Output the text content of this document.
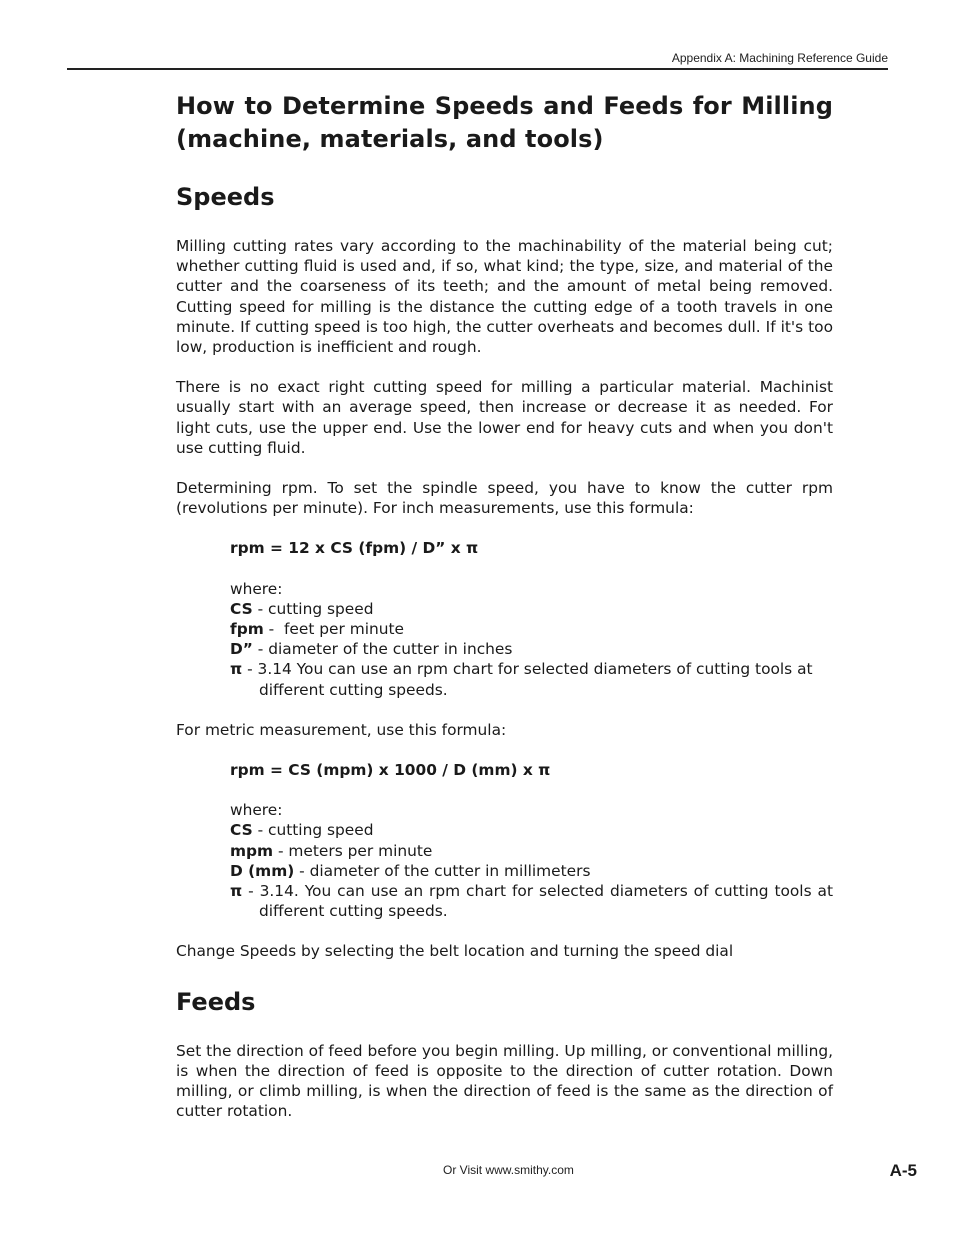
Appendix A: Machining Reference Guide
How to Determine Speeds and Feeds for Milling (machine, materials, and tools)
Speeds

Milling cutting rates vary according to the machinability of the material being cut; whether cutting fluid is used and, if so, what kind; the type, size, and material of the cutter and the coarseness of its teeth; and the amount of metal being removed. Cutting speed for milling is the distance the cutting edge of a tooth travels in one minute. If cutting speed is too high, the cutter overheats and becomes dull. If it's too low, production is inefficient and rough.

There is no exact right cutting speed for milling a particular material. Machinist usually start with an average speed, then increase or decrease it as needed. For light cuts, use the upper end. Use the lower end for heavy cuts and when you don't use cutting fluid.

Determining rpm. To set the spindle speed, you have to know the cutter rpm (revolutions per minute). For inch measurements, use this formula:

rpm = 12 x CS (fpm) / D” x π

where:
CS - cutting speed
fpm -  feet per minute
D” - diameter of the cutter in inches
π - 3.14 You can use an rpm chart for selected diameters of cutting tools at
different cutting speeds.

For metric measurement, use this formula:

rpm = CS (mpm) x 1000 / D (mm) x π

where:
CS - cutting speed
mpm - meters per minute
D (mm) - diameter of the cutter in millimeters
π - 3.14. You can use an rpm chart for selected diameters of cutting tools at
different cutting speeds.

Change Speeds by selecting the belt location and turning the speed dial

Feeds

Set the direction of feed before you begin milling. Up milling, or conventional milling, is when the direction of feed is opposite to the direction of cutter rotation. Down milling, or climb milling, is when the direction of feed is the same as the direction of cutter rotation.

Or Visit www.smithy.com	A-5
